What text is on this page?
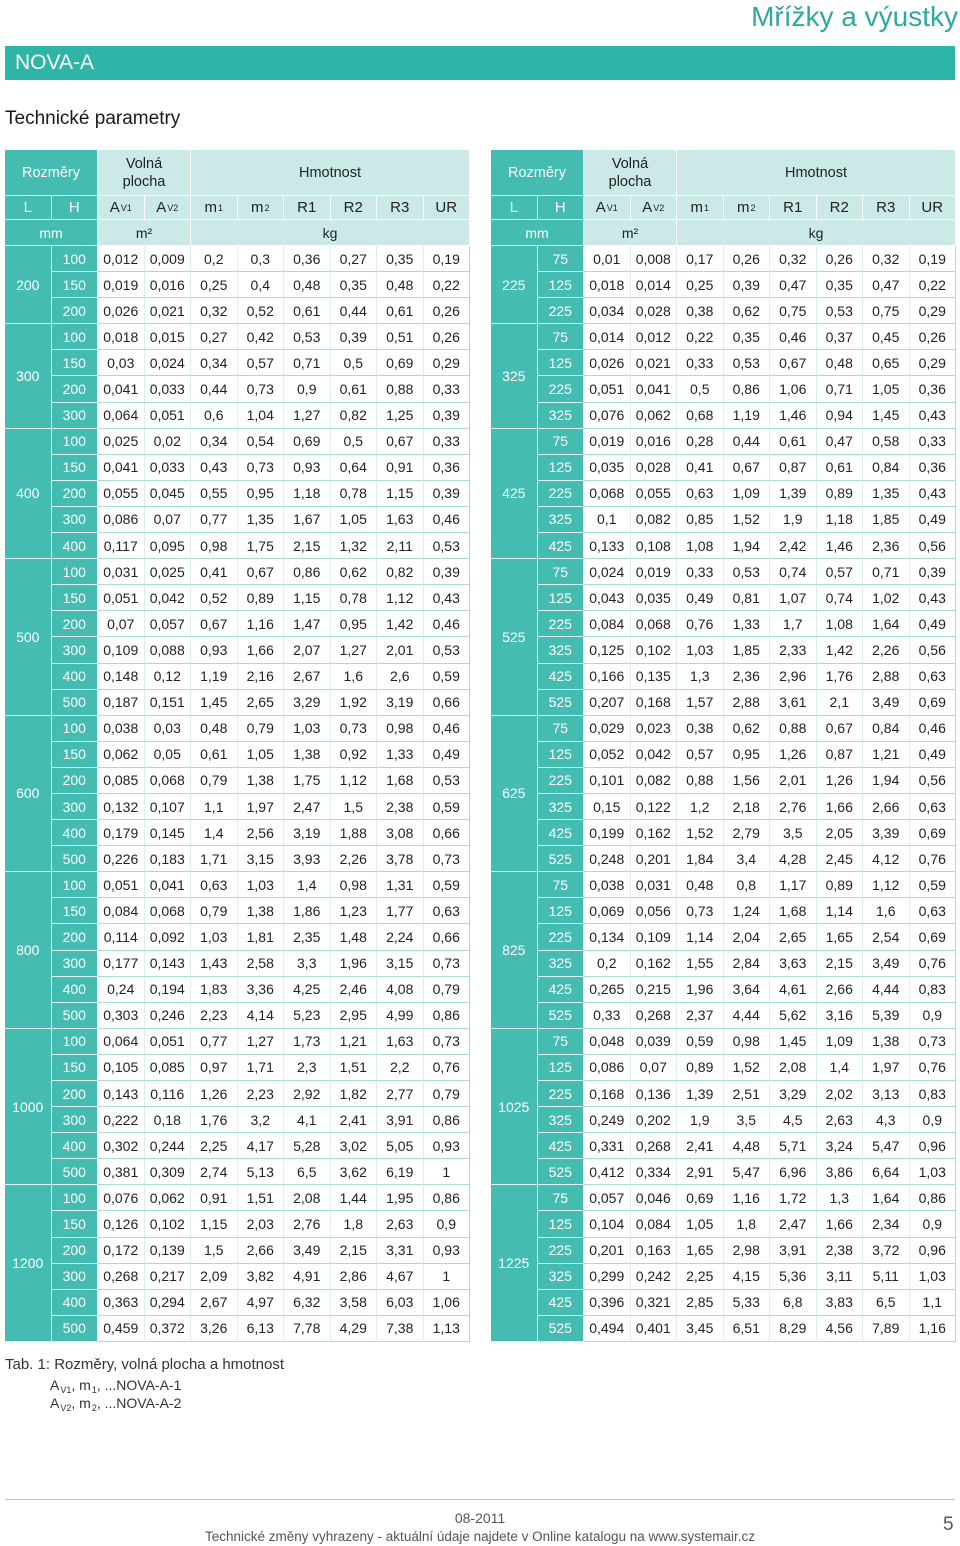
Mřížky a výustky
NOVA-A
Technické parametry
Rozměry
Volná plocha
Hmotnost
L H A V1 A V2 m 1 m 2 R1 R2 R3 UR
mm	m²	kg
200
100	0,012 0,009	0,2	0,3	0,36	0,27	0,35	0,19
150	0,019 0,016	0,25	0,4	0,48	0,35	0,48	0,22
200	0,026 0,021	0,32	0,52	0,61	0,44	0,61	0,26
300
100	0,018 0,015	0,27	0,42	0,53	0,39	0,51	0,26
150	0,03	0,024	0,34	0,57	0,71	0,5	0,69	0,29
200	0,041 0,033	0,44	0,73	0,9	0,61	0,88	0,33
300	0,064 0,051	0,6	1,04	1,27	0,82	1,25	0,39
400
100	0,025	0,02	0,34	0,54	0,69	0,5	0,67	0,33
150	0,041 0,033	0,43	0,73	0,93	0,64	0,91	0,36
200	0,055 0,045	0,55	0,95	1,18	0,78	1,15	0,39
300	0,086	0,07	0,77	1,35	1,67	1,05	1,63	0,46
400	0,117 0,095	0,98	1,75	2,15	1,32	2,11	0,53
500
100	0,031 0,025	0,41	0,67	0,86	0,62	0,82	0,39
150	0,051 0,042	0,52	0,89	1,15	0,78	1,12	0,43
200	0,07	0,057	0,67	1,16	1,47	0,95	1,42	0,46
300	0,109 0,088	0,93	1,66	2,07	1,27	2,01	0,53
400	0,148	0,12	1,19	2,16	2,67	1,6	2,6	0,59
500	0,187 0,151	1,45	2,65	3,29	1,92	3,19	0,66
600
100	0,038	0,03	0,48	0,79	1,03	0,73	0,98	0,46
150	0,062	0,05	0,61	1,05	1,38	0,92	1,33	0,49
200	0,085 0,068	0,79	1,38	1,75	1,12	1,68	0,53
300	0,132 0,107	1,1	1,97	2,47	1,5	2,38	0,59
400	0,179 0,145	1,4	2,56	3,19	1,88	3,08	0,66
500	0,226 0,183	1,71	3,15	3,93	2,26	3,78	0,73
800
100	0,051 0,041	0,63	1,03	1,4	0,98	1,31	0,59
150	0,084 0,068	0,79	1,38	1,86	1,23	1,77	0,63
200	0,114 0,092	1,03	1,81	2,35	1,48	2,24	0,66
300	0,177 0,143	1,43	2,58	3,3	1,96	3,15	0,73
400	0,24	0,194	1,83	3,36	4,25	2,46	4,08	0,79
500	0,303 0,246	2,23	4,14	5,23	2,95	4,99	0,86
1000
100	0,064 0,051	0,77	1,27	1,73	1,21	1,63	0,73
150	0,105 0,085	0,97	1,71	2,3	1,51	2,2	0,76
200	0,143 0,116	1,26	2,23	2,92	1,82	2,77	0,79
300	0,222	0,18	1,76	3,2	4,1	2,41	3,91	0,86
400	0,302 0,244	2,25	4,17	5,28	3,02	5,05	0,93
500	0,381 0,309	2,74	5,13	6,5	3,62	6,19	1
1200
100	0,076 0,062	0,91	1,51	2,08	1,44	1,95	0,86
150	0,126 0,102	1,15	2,03	2,76	1,8	2,63	0,9
200	0,172 0,139	1,5	2,66	3,49	2,15	3,31	0,93
300	0,268 0,217	2,09	3,82	4,91	2,86	4,67	1
400	0,363 0,294	2,67	4,97	6,32	3,58	6,03	1,06
500	0,459 0,372	3,26	6,13	7,78	4,29	7,38	1,13
Rozměry
Volná plocha
Hmotnost
L H A V1 A V2 m 1 m 2 R1 R2 R3 UR
mm	m²	kg
225
75	0,01	0,008	0,17	0,26	0,32	0,26	0,32	0,19
125	0,018 0,014	0,25	0,39	0,47	0,35	0,47	0,22
225	0,034 0,028	0,38	0,62	0,75	0,53	0,75	0,29
325
75	0,014 0,012	0,22	0,35	0,46	0,37	0,45	0,26
125	0,026 0,021	0,33	0,53	0,67	0,48	0,65	0,29
225	0,051 0,041	0,5	0,86	1,06	0,71	1,05	0,36
325	0,076 0,062	0,68	1,19	1,46	0,94	1,45	0,43
425
75	0,019 0,016	0,28	0,44	0,61	0,47	0,58	0,33
125	0,035 0,028	0,41	0,67	0,87	0,61	0,84	0,36
225	0,068 0,055	0,63	1,09	1,39	0,89	1,35	0,43
325	0,1	0,082	0,85	1,52	1,9	1,18	1,85	0,49
425	0,133 0,108	1,08	1,94	2,42	1,46	2,36	0,56
525
75	0,024 0,019	0,33	0,53	0,74	0,57	0,71	0,39
125	0,043 0,035	0,49	0,81	1,07	0,74	1,02	0,43
225	0,084 0,068	0,76	1,33	1,7	1,08	1,64	0,49
325	0,125 0,102	1,03	1,85	2,33	1,42	2,26	0,56
425	0,166 0,135	1,3	2,36	2,96	1,76	2,88	0,63
525	0,207 0,168	1,57	2,88	3,61	2,1	3,49	0,69
625
75	0,029 0,023	0,38	0,62	0,88	0,67	0,84	0,46
125	0,052 0,042	0,57	0,95	1,26	0,87	1,21	0,49
225	0,101 0,082	0,88	1,56	2,01	1,26	1,94	0,56
325	0,15	0,122	1,2	2,18	2,76	1,66	2,66	0,63
425	0,199 0,162	1,52	2,79	3,5	2,05	3,39	0,69
525	0,248 0,201	1,84	3,4	4,28	2,45	4,12	0,76
825
75	0,038 0,031	0,48	0,8	1,17	0,89	1,12	0,59
125	0,069 0,056	0,73	1,24	1,68	1,14	1,6	0,63
225	0,134 0,109	1,14	2,04	2,65	1,65	2,54	0,69
325	0,2	0,162	1,55	2,84	3,63	2,15	3,49	0,76
425	0,265 0,215	1,96	3,64	4,61	2,66	4,44	0,83
525	0,33	0,268	2,37	4,44	5,62	3,16	5,39	0,9
1025
75	0,048 0,039	0,59	0,98	1,45	1,09	1,38	0,73
125	0,086	0,07	0,89	1,52	2,08	1,4	1,97	0,76
225	0,168 0,136	1,39	2,51	3,29	2,02	3,13	0,83
325	0,249 0,202	1,9	3,5	4,5	2,63	4,3	0,9
425	0,331 0,268	2,41	4,48	5,71	3,24	5,47	0,96
525	0,412 0,334	2,91	5,47	6,96	3,86	6,64	1,03
1225
75	0,057 0,046	0,69	1,16	1,72	1,3	1,64	0,86
125	0,104 0,084	1,05	1,8	2,47	1,66	2,34	0,9
225	0,201 0,163	1,65	2,98	3,91	2,38	3,72	0,96
325	0,299 0,242	2,25	4,15	5,36	3,11	5,11	1,03
425	0,396 0,321	2,85	5,33	6,8	3,83	6,5	1,1
525	0,494 0,401	3,45	6,51	8,29	4,56	7,89	1,16
Tab. 1: Rozměry, volná plocha a hmotnost
$A_{V1}$, $m_1$, ...NOVA-A-1
$A_{V2}$, $m_2$, ...NOVA-A-2
08-2011
Technické změny vyhrazeny - aktuální údaje najdete v Online katalogu na www.systemair.cz
5
